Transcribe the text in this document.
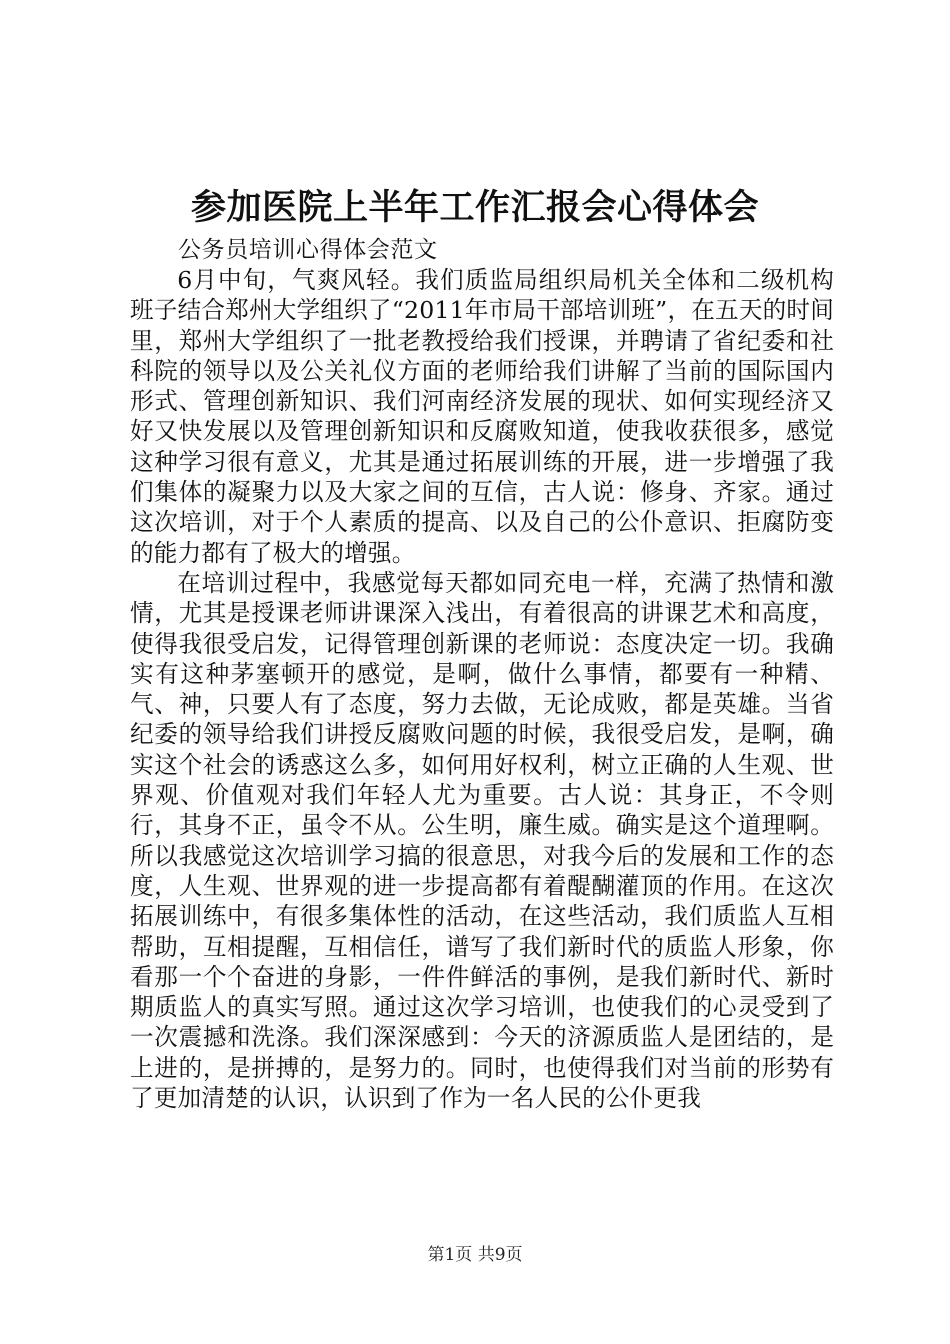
参加医院上半年工作汇报会心得体会

公务员培训心得体会范文

6月中旬，气爽风轻。我们质监局组织局机关全体和二级机构班子结合郑州大学组织了“2011年市局干部培训班”，在五天的时间里，郑州大学组织了一批老教授给我们授课，并聘请了省纪委和社科院的领导以及公关礼仪方面的老师给我们讲解了当前的国际国内形式、管理创新知识、我们河南经济发展的现状、如何实现经济又好又快发展以及管理创新知识和反腐败知道，使我收获很多，感觉这种学习很有意义，尤其是通过拓展训练的开展，进一步增强了我们集体的凝聚力以及大家之间的互信，古人说：修身、齐家。通过这次培训，对于个人素质的提高、以及自己的公仆意识、拒腐防变的能力都有了极大的增强。

在培训过程中，我感觉每天都如同充电一样，充满了热情和激情，尤其是授课老师讲课深入浅出，有着很高的讲课艺术和高度，使得我很受启发，记得管理创新课的老师说：态度决定一切。我确实有这种茅塞顿开的感觉，是啊，做什么事情，都要有一种精、气、神，只要人有了态度，努力去做，无论成败，都是英雄。当省纪委的领导给我们讲授反腐败问题的时候，我很受启发，是啊，确实这个社会的诱惑这么多，如何用好权利，树立正确的人生观、世界观、价值观对我们年轻人尤为重要。古人说：其身正，不令则行，其身不正，虽令不从。公生明，廉生威。确实是这个道理啊。所以我感觉这次培训学习搞的很意思，对我今后的发展和工作的态度，人生观、世界观的进一步提高都有着醍醐灌顶的作用。在这次拓展训练中，有很多集体性的活动，在这些活动，我们质监人互相帮助，互相提醒，互相信任，谱写了我们新时代的质监人形象，你看那一个个奋进的身影，一件件鲜活的事例，是我们新时代、新时期质监人的真实写照。通过这次学习培训，也使我们的心灵受到了一次震撼和洗涤。我们深深感到：今天的济源质监人是团结的，是上进的，是拼搏的，是努力的。同时，也使得我们对当前的形势有了更加清楚的认识，认识到了作为一名人民的公仆更我

第1页 共9页
